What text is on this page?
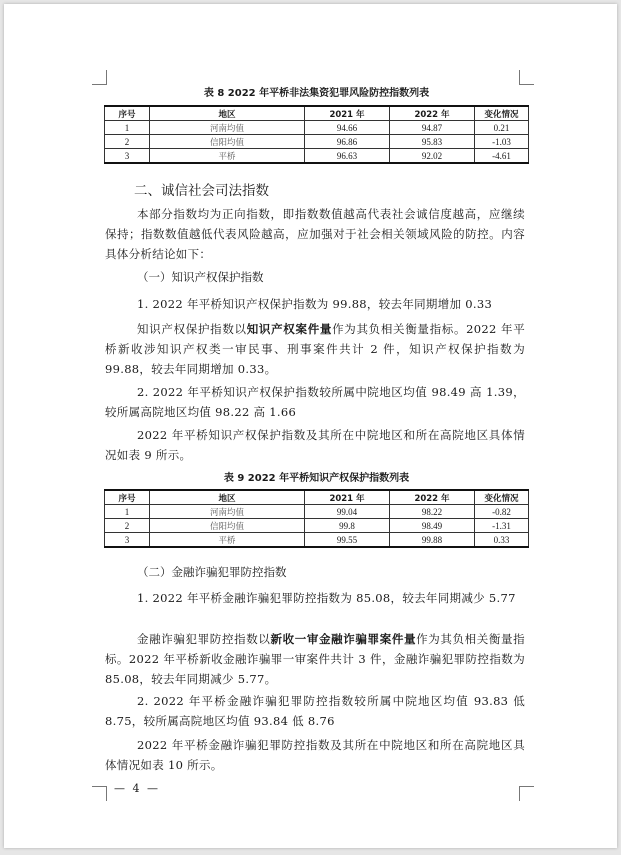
表 8 2022 年平桥非法集资犯罪风险防控指数列表
序号	地区	2021 年	2022 年	变化情况
1	河南均值	94.66	94.87	0.21
2	信阳均值	96.86	95.83	-1.03
3	平桥	96.63	92.02	-4.61
二、诚信社会司法指数
本部分指数均为正向指数，即指数数值越高代表社会诚信度越高，应继续保持；指数数值越低代表风险越高，应加强对于社会相关领域风险的防控。内容具体分析结论如下：
（一）知识产权保护指数
1. 2022 年平桥知识产权保护指数为 99.88，较去年同期增加 0.33
知识产权保护指数以知识产权案件量作为其负相关衡量指标。2022 年平桥新收涉知识产权类一审民事、刑事案件共计 2 件，知识产权保护指数为 99.88，较去年同期增加 0.33。
2. 2022 年平桥知识产权保护指数较所属中院地区均值 98.49 高 1.39，较所属高院地区均值 98.22 高 1.66
2022 年平桥知识产权保护指数及其所在中院地区和所在高院地区具体情况如表 9 所示。
表 9 2022 年平桥知识产权保护指数列表
序号	地区	2021 年	2022 年	变化情况
1	河南均值	99.04	98.22	-0.82
2	信阳均值	99.8	98.49	-1.31
3	平桥	99.55	99.88	0.33
（二）金融诈骗犯罪防控指数
1. 2022 年平桥金融诈骗犯罪防控指数为 85.08，较去年同期减少 5.77
金融诈骗犯罪防控指数以新收一审金融诈骗罪案件量作为其负相关衡量指标。2022 年平桥新收金融诈骗罪一审案件共计 3 件，金融诈骗犯罪防控指数为 85.08，较去年同期减少 5.77。
2. 2022 年平桥金融诈骗犯罪防控指数较所属中院地区均值 93.83 低 8.75，较所属高院地区均值 93.84 低 8.76
2022 年平桥金融诈骗犯罪防控指数及其所在中院地区和所在高院地区具体情况如表 10 所示。
— 4 —
